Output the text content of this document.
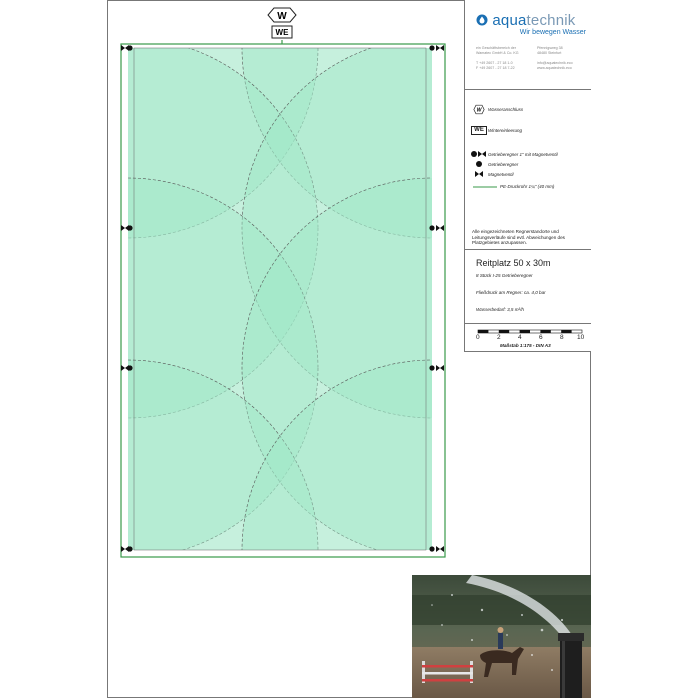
W
WE
aquatechnik
Wir bewegen Wasser
ein Geschäftsbereich der
Wamatec GmbH & Co. KG

T +49 2607 - 27 18 1-0
F +49 2607 - 27 18 7-22
Pfennigsweg 38
48480 Steinfurt

info@aquatechnik.eco
www.aquatechnik.eco
W Wasseranschluss
WE Wintereinleerung
Getrieberegner 1" mit Magnetventil
Getrieberegner
Magnetventil
PE-Druckrohr 1¼" (40 mm)
Alle eingezeichneten Regnerstandorte und Leitungsverläufe sind evtl. Abweichungen des Platzgebietes anzupassen.
Reitplatz 50 x 30m
8 Stück I-25 Getrieberegner
Fließdruck am Regner: ca. 4,0 bar
Wasserbedarf: 3,5 m³/h
0	2	4	6	8 10
Maßstab 1:175 - DIN A3
